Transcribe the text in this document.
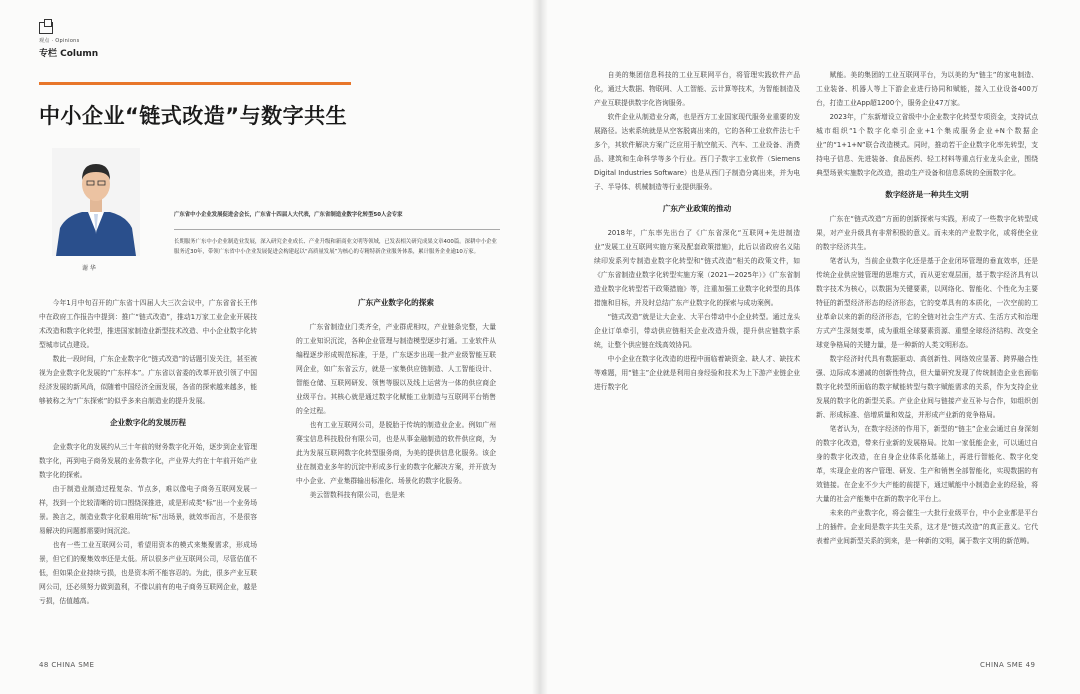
观点 · Opinions
专栏 Column
中小企业“链式改造”与数字共生
谢 华
广东省中小企业发展促进会会长，广东省十四届人大代表，广东省制造业数字化转型50人会专家
长期服务广东中小企业制造业发展，深入研究企业成长、产业升级和新商业文明等领域，已发表相关研究成果文章400篇。深耕中小企业服务近30年，带领广东省中小企业发展促进会构建起以“高质量发展”为核心的专精特新企业服务体系，累计服务企业逾10万家。

今年1月中旬召开的广东省十四届人大三次会议中，广东省省长王伟中在政府工作报告中提到：推广“链式改造”，推动1万家工业企业开展技术改造和数字化转型，推进国家制造业新型技术改造、中小企业数字化转型城市试点建设。

数此一段时间，广东企业数字化“链式改造”的话题引发关注，甚至被视为企业数字化发展的“广东样本”。广东省以省委的改革开放引领了中国经济发展的新风尚，似随着中国经济全面发展，各省的探索越来越多，能够被称之为“广东探索”的似乎多来自制造业的提升发展。

企业数字化的发展历程

企业数字化的发展约从三十年前的财务数字化开始，逐步到企业管理数字化，再到电子商务发展的业务数字化，产业界大约在十年前开始产业数字化的探索。

由于制造业制造过程复杂、节点多，难以像电子商务互联网发展一样，找到一个比较清晰的切口围绕深推进，或是形成类“标”出一个业务场景。换言之，制造业数字化很难用统“标”出场景，就效率而言，不是很容易解决的问题都需要时间沉淀。

也有一些工业互联网公司，希望用资本的模式来集聚需求，形成场景，但它们的聚集效率还是太低。所以很多产业互联网公司，尽管估值不低，但如果企业持续亏损，也是资本所不能容忍的。为此，很多产业互联网公司，还必须努力做到盈利，不像以前有的电子商务互联网企业，越是亏损，估值越高。

广东产业数字化的探索

广东省制造业门类齐全，产业群虎相叹，产业链条完整，大量的工业知识沉淀，各种企业管理与制造模型逐步打通。工业软件从编程逐步形成规范标准，于是，广东逐步出现一批产业级智能互联网企业，如广东省云方，就是一家集供应链制造、人工智能设计、智能仓储、互联网研发、领售等服以及线上运营为一体的供应商企业级平台。其核心就是通过数字化赋能工业制造与互联网平台销售的全过程。

也有工业互联网公司，是脱胎于传统的制造业企业。例如广州赛宝信息科技股份有限公司，也是从事金融制造的软件供应商，为此为发展互联网数字化转型服务商，为美的提供信息化服务。该企业在制造业多年的沉淀中形成多行业的数字化解决方案，并开放为中小企业、产业集群输出标准化、场景化的数字化服务。

美云智数科技有限公司，也是来

48 CHINA SME

自美的集团信息科技的工业互联网平台，将管理实践软件产品化，通过大数据、物联网、人工智能、云计算等技术，为智能制造及产业互联提供数字化咨询服务。

软件企业从制造业分离，也是西方工业国家现代服务业重要的发展路径。达索系统就是从空客脱离出来的，它的各种工业软件法七千多个，其软件解决方案广泛应用于航空航天、汽车、工业设备、消费品、建筑和生命科学等多个行业。西门子数字工业软件（Siemens Digital Industries Software）也是从西门子制造分离出来，并为电子、半导体、机械制造等行业提供服务。

广东产业政策的推动

2018年，广东率先出台了《广东省深化“互联网+先进制造业”发展工业互联网实施方案及配套政策措施》，此后以省政府名义陆续印发系列专制造业数字化转型和“链式改造”相关的政策文件，如《广东省制造业数字化转型实施方案（2021—2025年）》《广东省制造业数字化转型若干政策措施》等，注重加强工业数字化转型的具体措施和目标，并及时总结广东产业数字化的探索与成功案例。

“链式改造”就是让大企业、大平台带动中小企业转型。通过龙头企业订单牵引，带动供应链相关企业改造升级，提升供应链数字系统，让整个供应链在线高效协同。

中小企业在数字化改造的进程中面临着缺资金、缺人才、缺技术等难题，用“链主”企业就是利用自身经验和技术为上下游产业链企业进行数字化

赋能。美的集团的工业互联网平台，为以美的为“链主”的家电制造、工业装备、机器人等上下游企业进行协同和赋能，接入工业设备400万台，打造工业App超1200个，服务企业47万家。

2023年，广东新增设立省级中小企业数字化转型专项资金，支持试点城市组织“1个数字化牵引企业+1个集成服务企业+N个数据企业”的“1+1+N”联合改造模式。同时，推动若干企业数字化率先转型，支持电子信息、先进装备、食品医药、轻工材料等重点行业龙头企业，围绕典型场景实施数字化改造，推动生产设备和信息系统的全面数字化。

数字经济是一种共生文明

广东在“链式改造”方面的创新探索与实践，形成了一些数字化转型成果，对产业升级具有非常积极的意义。而未来的产业数字化，或将使全业的数字经济共生。

笔者认为，当前企业数字化还是基于企业闭环管理的垂直效率，还是传统企业供应链管理的思维方式，而从更宏观层面，基于数字经济具有以数字技术为核心，以数据为关键要素，以网络化、智能化、个性化为主要特征的新型经济形态的经济形态，它的变革具有的本质化，一次空前的工业革命以来的新的经济形态，它的全链对社会生产方式、生活方式和治理方式产生深刻变革，成为重组全球要素资源、重塑全球经济结构、改变全球竞争格局的关键力量，是一种新的人类文明形态。

数字经济时代具有数据驱动、高创新性、网络效应显著、跨界融合性强、边际成本递减的创新性特点，但大量研究发现了传统制造企业也面临数字化转型所面临的数字赋能转型与数字赋能需求的关系，作为支持企业发展的数字化的新型关系。产业企业间与链接产业互补与合作，如组织创新、形成标准、倍增质量和效益，并形成产业新的竞争格局。

笔者认为，在数字经济的作用下，新型的“链主”企业会通过自身深刻的数字化改造，带来行业新的发展格局。比如一家低能企业，可以通过自身的数字化改造，在自身企业体系化基础上，再进行智能化、数字化变革，实现企业的客户管理、研发、生产和销售全部智能化，实现数据的有效链接。在企业不少大产能的前提下，通过赋能中小制造企业的经验，将大量的社会产能集中在新的数字化平台上。

未来的产业数字化，将会催生一大批行业级平台，中小企业都是平台上的插件。企业间是数字共生关系，这才是“链式改造”的真正意义。它代表着产业间新型关系的到来，是一种新的文明，属于数字文明的新范畴。

CHINA SME 49
